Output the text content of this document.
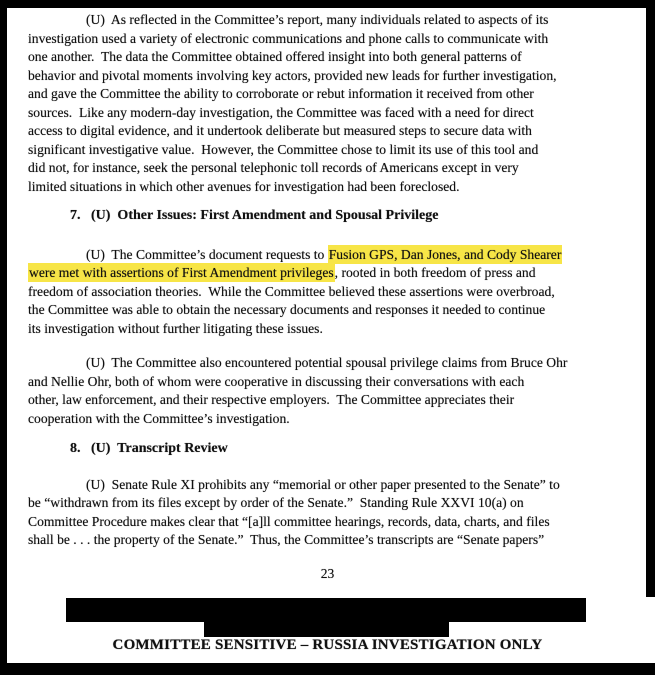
(U)  As reflected in the Committee’s report, many individuals related to aspects of its
investigation used a variety of electronic communications and phone calls to communicate with
one another.  The data the Committee obtained offered insight into both general patterns of
behavior and pivotal moments involving key actors, provided new leads for further investigation,
and gave the Committee the ability to corroborate or rebut information it received from other
sources.  Like any modern-day investigation, the Committee was faced with a need for direct
access to digital evidence, and it undertook deliberate but measured steps to secure data with
significant investigative value.  However, the Committee chose to limit its use of this tool and
did not, for instance, seek the personal telephonic toll records of Americans except in very
limited situations in which other avenues for investigation had been foreclosed.
7.   (U)  Other Issues: First Amendment and Spousal Privilege
(U)  The Committee’s document requests to Fusion GPS, Dan Jones, and Cody Shearer
were met with assertions of First Amendment privileges, rooted in both freedom of press and
freedom of association theories.  While the Committee believed these assertions were overbroad,
the Committee was able to obtain the necessary documents and responses it needed to continue
its investigation without further litigating these issues.
(U)  The Committee also encountered potential spousal privilege claims from Bruce Ohr
and Nellie Ohr, both of whom were cooperative in discussing their conversations with each
other, law enforcement, and their respective employers.  The Committee appreciates their
cooperation with the Committee’s investigation.
8.   (U)  Transcript Review
(U)  Senate Rule XI prohibits any “memorial or other paper presented to the Senate” to
be “withdrawn from its files except by order of the Senate.”  Standing Rule XXVI 10(a) on
Committee Procedure makes clear that “[a]ll committee hearings, records, data, charts, and files
shall be . . . the property of the Senate.”  Thus, the Committee’s transcripts are “Senate papers”
23
COMMITTEE SENSITIVE – RUSSIA INVESTIGATION ONLY
